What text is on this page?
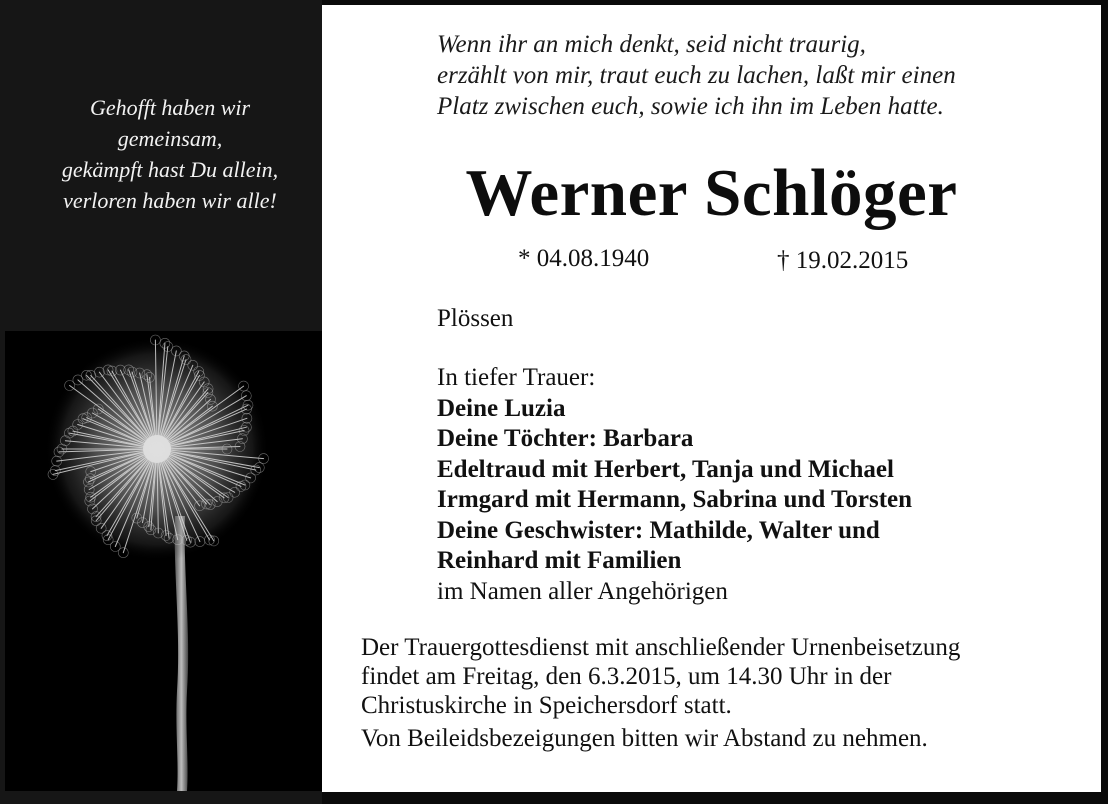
Gehofft haben wir
gemeinsam,
gekämpft hast Du allein,
verloren haben wir alle!
Wenn ihr an mich denkt, seid nicht traurig,
erzählt von mir, traut euch zu lachen, laßt mir einen
Platz zwischen euch, sowie ich ihn im Leben hatte.
Werner Schlöger
* 04.08.1940	† 19.02.2015
Plössen
In tiefer Trauer:
Deine Luzia
Deine Töchter: Barbara
Edeltraud mit Herbert, Tanja und Michael
Irmgard mit Hermann, Sabrina und Torsten
Deine Geschwister: Mathilde, Walter und
Reinhard mit Familien
im Namen aller Angehörigen
Der Trauergottesdienst mit anschließender Urnenbeisetzung
findet am Freitag, den 6.3.2015, um 14.30 Uhr in der
Christuskirche in Speichersdorf statt.
Von Beileidsbezeigungen bitten wir Abstand zu nehmen.
